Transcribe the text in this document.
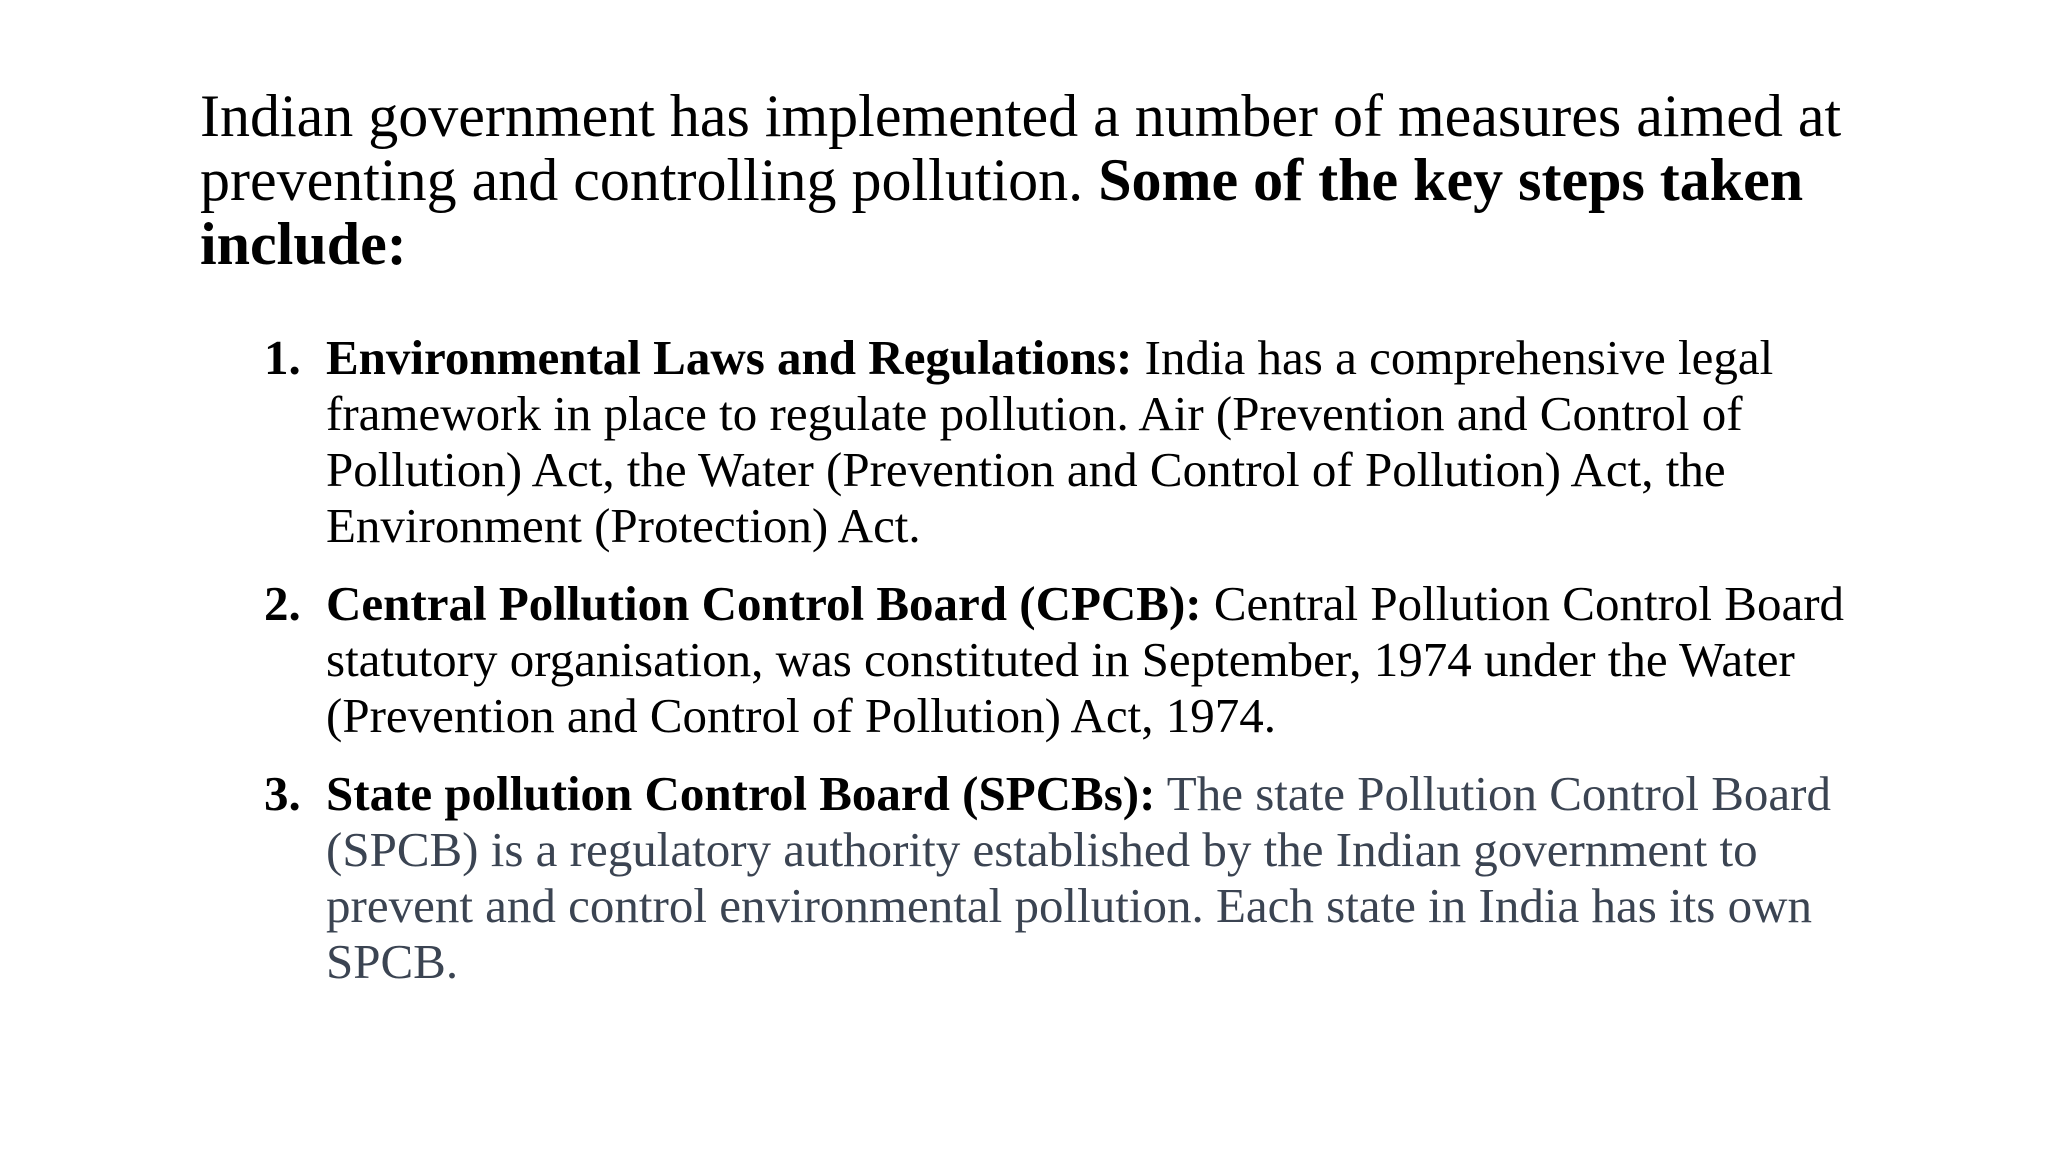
Indian government has implemented a number of measures aimed at preventing and controlling pollution. Some of the key steps taken include:

1. Environmental Laws and Regulations: India has a comprehensive legal framework in place to regulate pollution. Air (Prevention and Control of Pollution) Act, the Water (Prevention and Control of Pollution) Act, the Environment (Protection) Act.
2. Central Pollution Control Board (CPCB): Central Pollution Control Board statutory organisation, was constituted in September, 1974 under the Water (Prevention and Control of Pollution) Act, 1974.
3. State pollution Control Board (SPCBs): The state Pollution Control Board (SPCB) is a regulatory authority established by the Indian government to prevent and control environmental pollution. Each state in India has its own SPCB.
